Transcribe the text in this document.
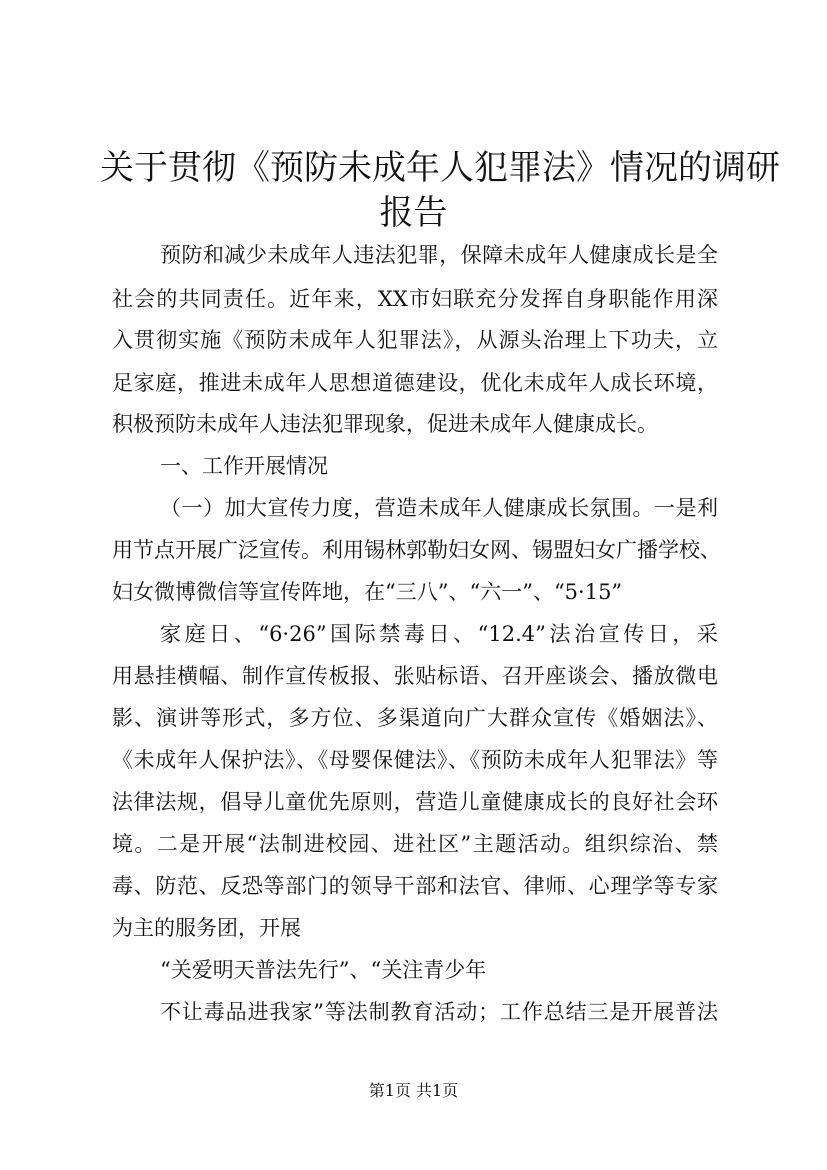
关于贯彻《预防未成年人犯罪法》情况的调研
报告

预防和减少未成年人违法犯罪，保障未成年人健康成长是全

社会的共同责任。近年来，XX市妇联充分发挥自身职能作用深

入贯彻实施《预防未成年人犯罪法》，从源头治理上下功夫，立

足家庭，推进未成年人思想道德建设，优化未成年人成长环境，

积极预防未成年人违法犯罪现象，促进未成年人健康成长。

一、工作开展情况

（一）加大宣传力度，营造未成年人健康成长氛围。一是利

用节点开展广泛宣传。利用锡林郭勒妇女网、锡盟妇女广播学校、

妇女微博微信等宣传阵地，在“三八”、“六一”、“5·15”

家庭日、“6·26”国际禁毒日、“12.4”法治宣传日，采

用悬挂横幅、制作宣传板报、张贴标语、召开座谈会、播放微电

影、演讲等形式，多方位、多渠道向广大群众宣传《婚姻法》、

《未成年人保护法》、《母婴保健法》、《预防未成年人犯罪法》等

法律法规，倡导儿童优先原则，营造儿童健康成长的良好社会环

境。二是开展“法制进校园、进社区”主题活动。组织综治、禁

毒、防范、反恐等部门的领导干部和法官、律师、心理学等专家

为主的服务团，开展

“关爱明天普法先行”、“关注青少年

不让毒品进我家”等法制教育活动；工作总结三是开展普法

第1页 共1页
